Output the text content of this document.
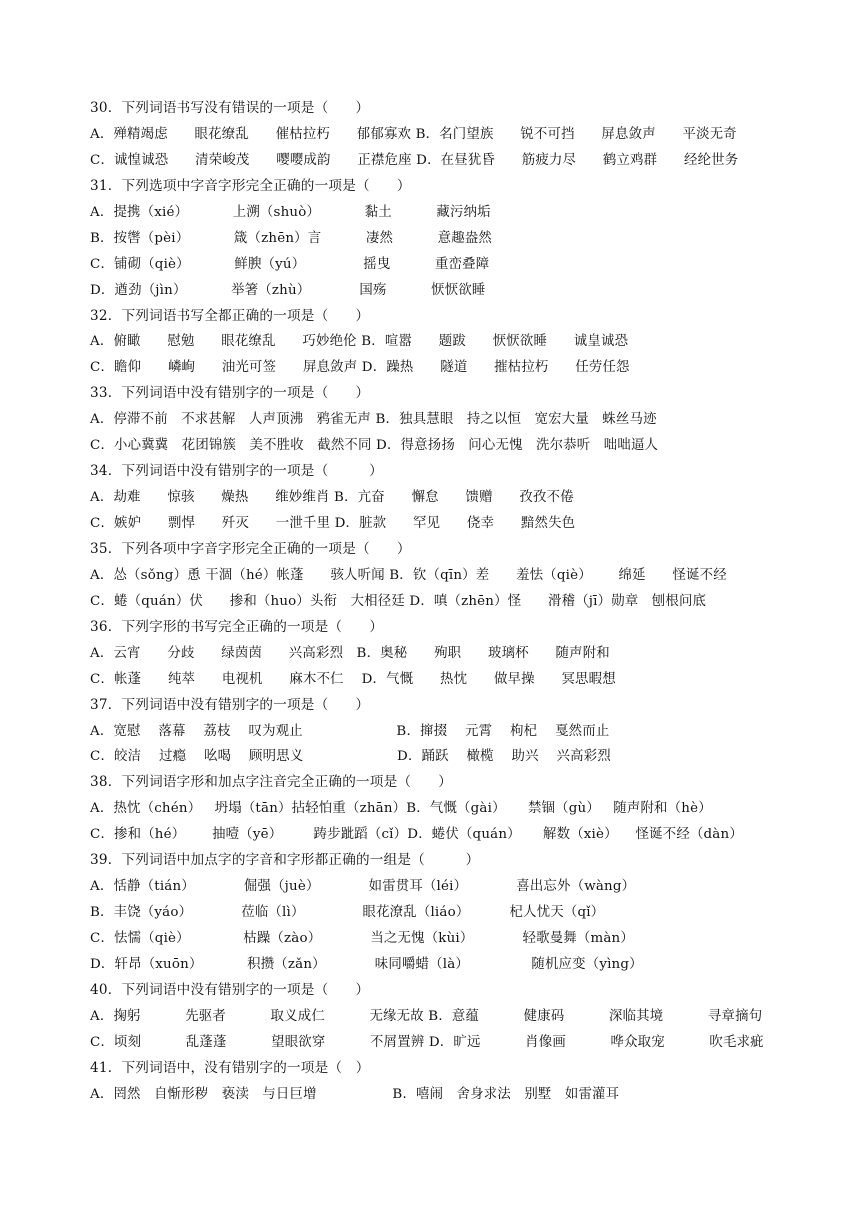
30．下列词语书写没有错误的一项是（      ）
A．殚精竭虑      眼花缭乱      催枯拉朽      郁郁寡欢 B．名门望族      锐不可挡      屏息敛声      平淡无奇
C．诚惶诚恐      清荣峻茂      嘤嘤成韵      正襟危座 D．在昼犹昏      筋疲力尽      鹤立鸡群      经纶世务
31．下列选项中字音字形完全正确的一项是（      ）
A．提携（xié）          上溯（shuò）          黏土          藏污纳垢
B．按辔（pèi）          箴（zhēn）言          凄然          意趣盎然
C．铺砌（qiè）          鲜腴（yú）             摇曳          重峦叠障
D．遒劲（jìn）          举箸（zhù）           国殇          恹恹欲睡
32．下列词语书写全都正确的一项是（      ）
A．俯瞰      慰勉      眼花缭乱      巧妙绝伦 B．喧嚣      题跋      恹恹欲睡      诚皇诚恐
C．瞻仰      嶙峋      油光可签      屏息敛声 D．躁热      隧道      摧枯拉朽      任劳任怨
33．下列词语中没有错别字的一项是（      ）
A．停滞不前   不求甚解   人声顶沸   鸦雀无声 B．独具慧眼   持之以恒   宽宏大量   蛛丝马迹
C．小心冀冀   花团锦簇   美不胜收   截然不同 D．得意扬扬   问心无愧   洗尔恭听   咄咄逼人
34．下列词语中没有错别字的一项是（         ）
A．劫难      惊骇      燥热      维妙维肖 B．亢奋      懈怠      馈赠      孜孜不倦
C．嫉妒      剽悍      歼灭      一泄千里 D．脏款      罕见      侥幸      黯然失色
35．下列各项中字音字形完全正确的一项是（      ）
A．怂（sǒng）恿 干涸（hé）帐蓬      骇人听闻 B．钦（qīn）差      羞怯（qiè）      绵延      怪诞不经
C．蜷（quán）伏      掺和（huo）头衔   大相径廷 D．嗔（zhēn）怪      滑稽（jī）勋章   刨根问底
36．下列字形的书写完全正确的一项是（      ）
A．云宵      分歧      绿茵茵      兴高彩烈   B．奥秘      殉职      玻璃杯      随声附和
C．帐蓬      纯萃      电视机      麻木不仁    D．气慨      热忱      做早操      冥思暇想
37．下列词语中没有错别字的一项是（      ）
A．宽慰    落幕    荔枝    叹为观止                     B．撺掇    元霄    枸杞    戛然而止
C．皎洁    过瘾    吆喝    顾明思义                     D．踊跃    橄榄    助兴    兴高彩烈
38．下列词语字形和加点字注音完全正确的一项是（      ）
A．热忱（chén）   坍塌（tān）拈轻怕重（zhān）B．气慨（gài）     禁锢（gù）   随声附和（hè）
C．掺和（hé）      抽噎（yē）       踌步跐蹈（cǐ）D．蜷伏（quán）     解数（xiè）    怪诞不经（dàn）
39．下列词语中加点字的字音和字形都正确的一组是（         ）
A．恬静（tián）           倔强（juè）           如雷贯耳（léi）           喜出忘外（wàng）
B．丰饶（yáo）           莅临（lì）             眼花潦乱（liáo）         杞人忧天（qǐ）
C．怯懦（qiè）            枯躁（zào）           当之无愧（kùi）           轻歌曼舞（màn）
D．轩昂（xuōn）          积攒（zǎn）           味同嚼蜡（là）              随机应变（yìng）
40．下列词语中没有错别字的一项是（      ）
A．掬躬          先驱者          取义成仁          无缘无故 B．意蕴          健康码          深临其境          寻章摘句
C．顷刻          乱蓬蓬          望眼欲穿          不屑置辨 D．旷远          肖像画          哗众取宠          吹毛求疵
41．下列词语中，没有错别字的一项是（   ）
A．罔然   自惭形秽   亵渎   与日巨增                 B．嘻闹   舍身求法   别墅   如雷灌耳
